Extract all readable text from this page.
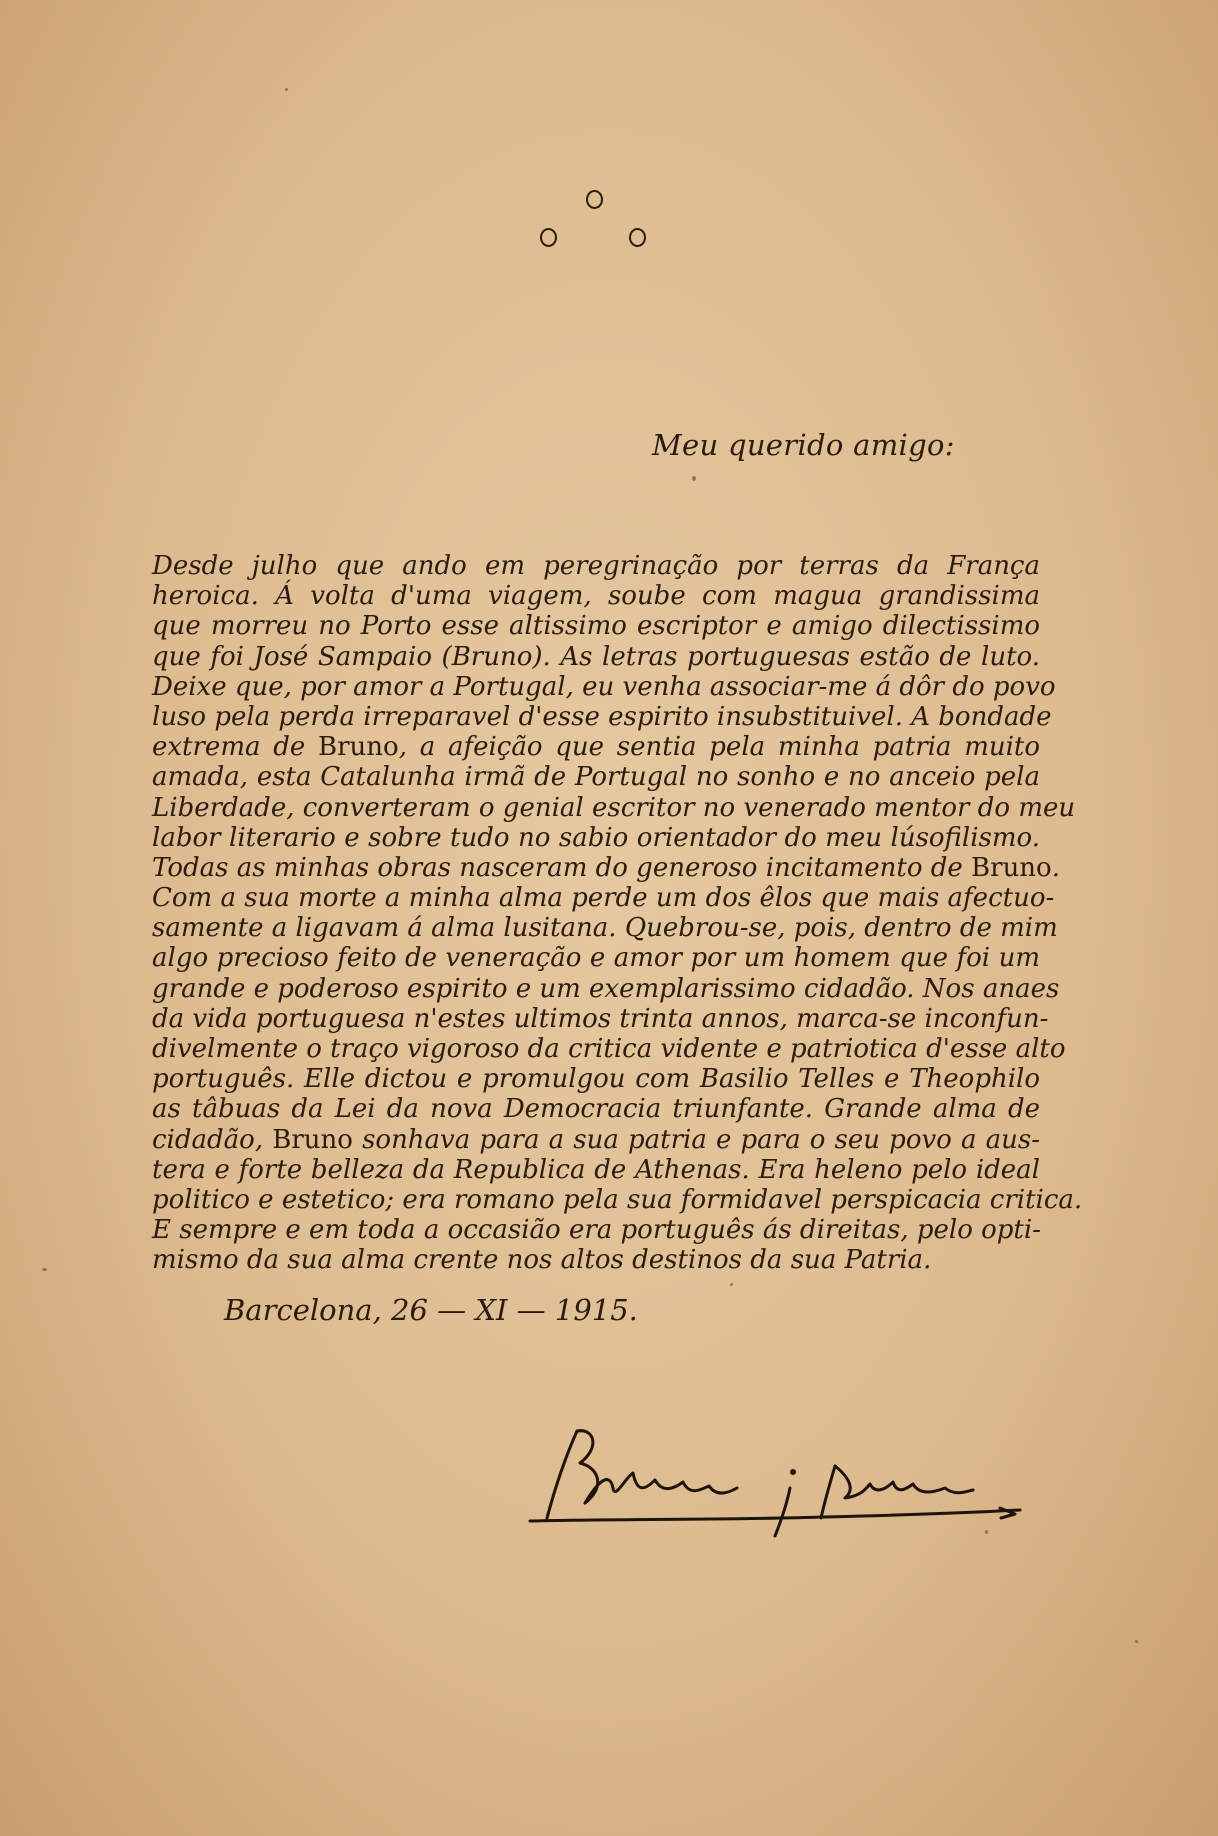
Meu querido amigo:
Desde julho que ando em peregrinação por terras da França
heroica. Á volta d'uma viagem, soube com magua grandissima
que morreu no Porto esse altissimo escriptor e amigo dilectissimo
que foi José Sampaio (Bruno). As letras portuguesas estão de luto.
Deixe que, por amor a Portugal, eu venha associar-me á dôr do povo
luso pela perda irreparavel d'esse espirito insubstituivel. A bondade
extrema de Bruno, a afeição que sentia pela minha patria muito
amada, esta Catalunha irmã de Portugal no sonho e no anceio pela
Liberdade, converteram o genial escritor no venerado mentor do meu
labor literario e sobre tudo no sabio orientador do meu lúsofilismo.
Todas as minhas obras nasceram do generoso incitamento de Bruno.
Com a sua morte a minha alma perde um dos êlos que mais afectuo-
samente a ligavam á alma lusitana. Quebrou-se, pois, dentro de mim
algo precioso feito de veneração e amor por um homem que foi um
grande e poderoso espirito e um exemplarissimo cidadão. Nos anaes
da vida portuguesa n'estes ultimos trinta annos, marca-se inconfun-
divelmente o traço vigoroso da critica vidente e patriotica d'esse alto
português. Elle dictou e promulgou com Basilio Telles e Theophilo
as tâbuas da Lei da nova Democracia triunfante. Grande alma de
cidadão, Bruno sonhava para a sua patria e para o seu povo a aus-
tera e forte belleza da Republica de Athenas. Era heleno pelo ideal
politico e estetico; era romano pela sua formidavel perspicacia critica.
E sempre e em toda a occasião era português ás direitas, pelo opti-
mismo da sua alma crente nos altos destinos da sua Patria.
Barcelona, 26 — XI — 1915.
